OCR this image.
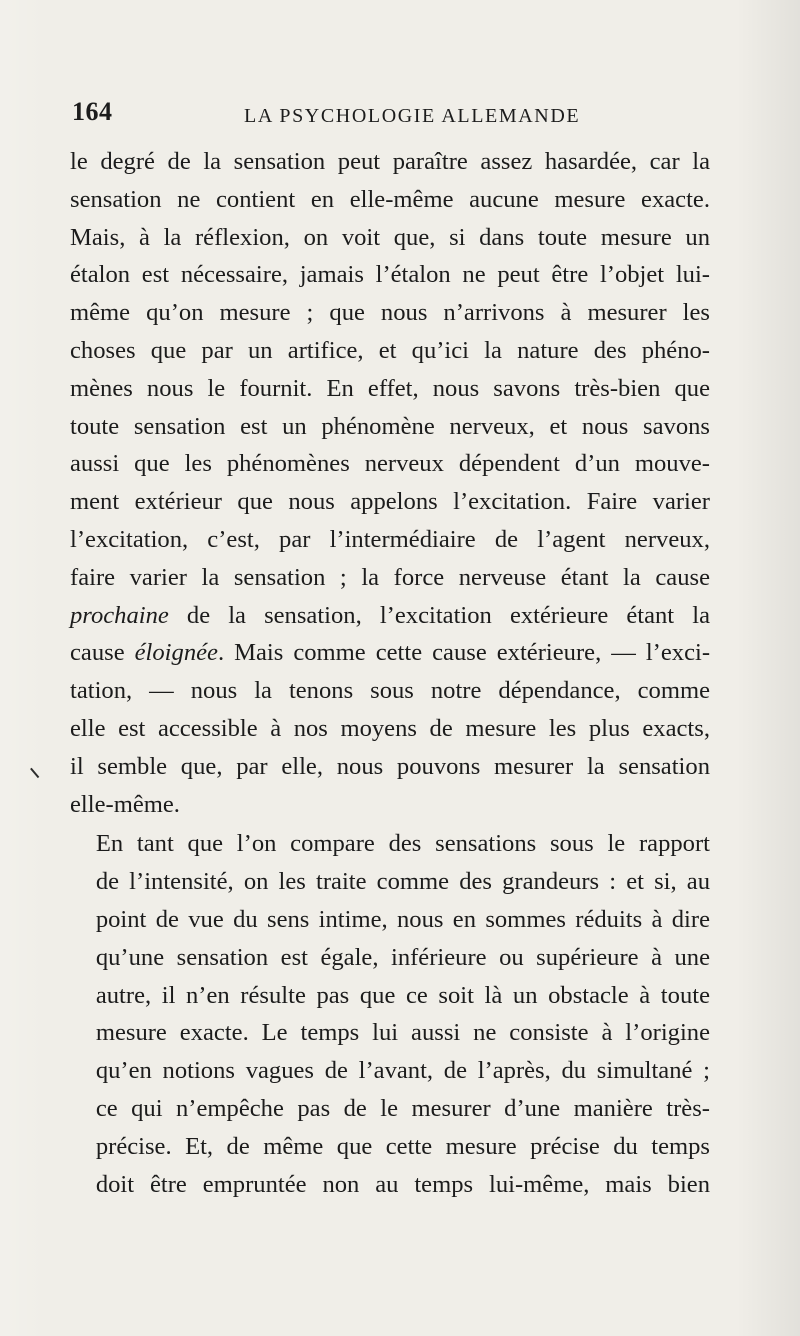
164	LA PSYCHOLOGIE ALLEMANDE

le degré de la sensation peut paraître assez hasardée, car la
sensation ne contient en elle-même aucune mesure exacte.
Mais, à la réflexion, on voit que, si dans toute mesure un
étalon est nécessaire, jamais l’étalon ne peut être l’objet lui-
même qu’on mesure ; que nous n’arrivons à mesurer les
choses que par un artifice, et qu’ici la nature des phéno-
mènes nous le fournit. En effet, nous savons très-bien que
toute sensation est un phénomène nerveux, et nous savons
aussi que les phénomènes nerveux dépendent d’un mouve-
ment extérieur que nous appelons l’excitation. Faire varier
l’excitation, c’est, par l’intermédiaire de l’agent nerveux,
faire varier la sensation ; la force nerveuse étant la cause
prochaine de la sensation, l’excitation extérieure étant la
cause éloignée. Mais comme cette cause extérieure, — l’exci-
tation, — nous la tenons sous notre dépendance, comme
elle est accessible à nos moyens de mesure les plus exacts,
il semble que, par elle, nous pouvons mesurer la sensation
elle-même.

En tant que l’on compare des sensations sous le rapport
de l’intensité, on les traite comme des grandeurs : et si, au
point de vue du sens intime, nous en sommes réduits à dire
qu’une sensation est égale, inférieure ou supérieure à une
autre, il n’en résulte pas que ce soit là un obstacle à toute
mesure exacte. Le temps lui aussi ne consiste à l’origine
qu’en notions vagues de l’avant, de l’après, du simultané ;
ce qui n’empêche pas de le mesurer d’une manière très-
précise. Et, de même que cette mesure précise du temps
doit être empruntée non au temps lui-même, mais bien
